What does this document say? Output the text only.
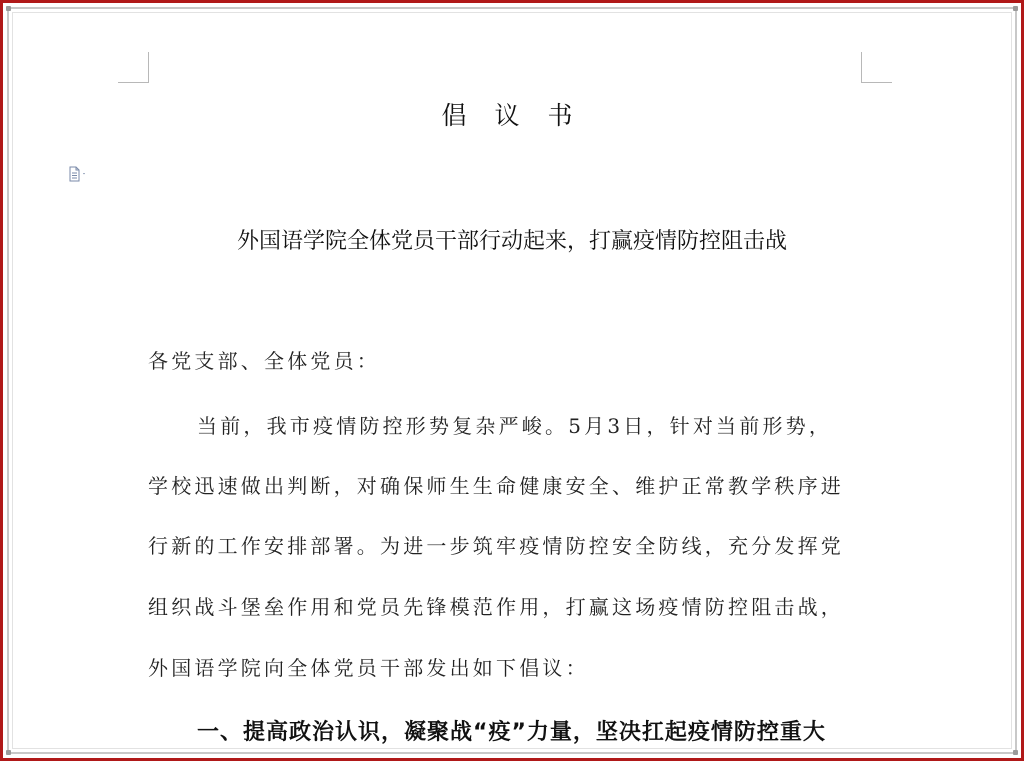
倡 议 书
外国语学院全体党员干部行动起来，打赢疫情防控阻击战
各党支部、全体党员：
当前，我市疫情防控形势复杂严峻。5月3日，针对当前形势，
学校迅速做出判断，对确保师生生命健康安全、维护正常教学秩序进
行新的工作安排部署。为进一步筑牢疫情防控安全防线，充分发挥党
组织战斗堡垒作用和党员先锋模范作用，打赢这场疫情防控阻击战，
外国语学院向全体党员干部发出如下倡议：
一、提高政治认识，凝聚战“疫”力量，坚决扛起疫情防控重大
